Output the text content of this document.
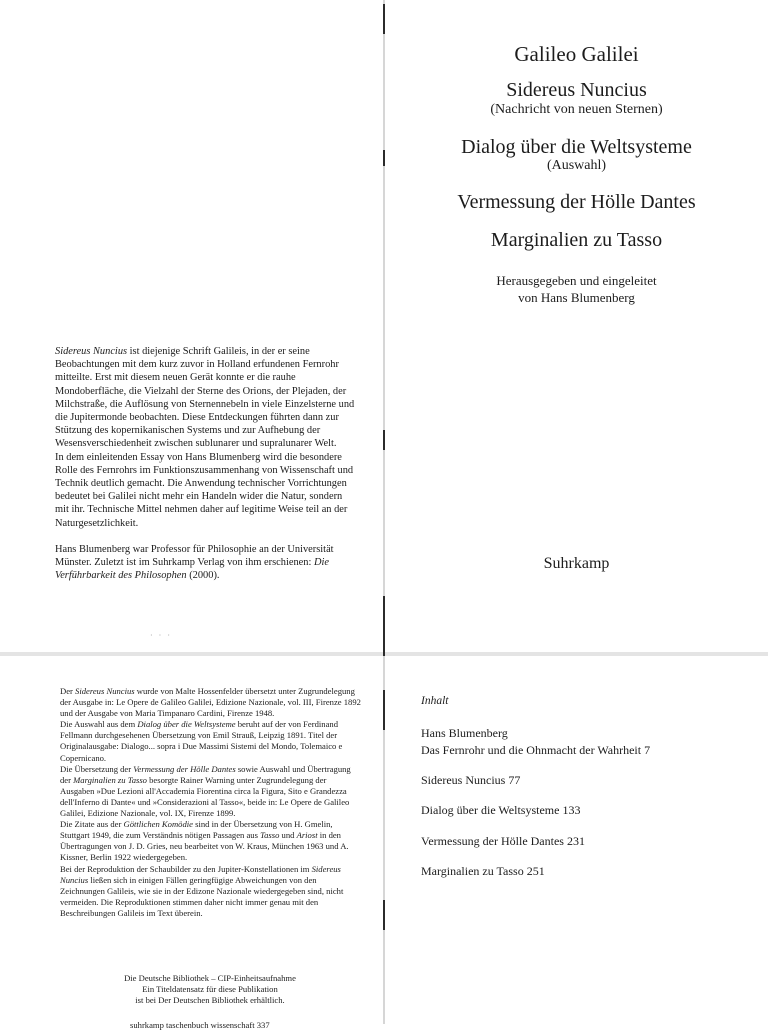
Sidereus Nuncius ist diejenige Schrift Galileis, in der er seine Beobachtungen mit dem kurz zuvor in Holland erfundenen Fernrohr mitteilte. Erst mit diesem neuen Gerät konnte er die rauhe Mondoberfläche, die Vielzahl der Sterne des Orions, der Plejaden, der Milchstraße, die Auflösung von Sternennebeln in viele Einzelsterne und die Jupitermonde beobachten. Diese Entdeckungen führten dann zur Stützung des kopernikanischen Systems und zur Aufhebung der Wesensverschiedenheit zwischen sublunarer und supralunarer Welt.

In dem einleitenden Essay von Hans Blumenberg wird die besondere Rolle des Fernrohrs im Funktionszusammenhang von Wissenschaft und Technik deutlich gemacht. Die Anwendung technischer Vorrichtungen bedeutet bei Galilei nicht mehr ein Handeln wider die Natur, sondern mit ihr. Technische Mittel nehmen daher auf legitime Weise teil an der Naturgesetzlichkeit.

Hans Blumenberg war Professor für Philosophie an der Universität Münster. Zuletzt ist im Suhrkamp Verlag von ihm erschienen: Die Verführbarkeit des Philosophen (2000).

· · ·
Galileo Galilei
Sidereus Nuncius
(Nachricht von neuen Sternen)
Dialog über die Weltsysteme
(Auswahl)
Vermessung der Hölle Dantes
Marginalien zu Tasso
Herausgegeben und eingeleitet
von Hans Blumenberg
Suhrkamp

Der Sidereus Nuncius wurde von Malte Hossenfelder übersetzt unter Zugrundelegung der Ausgabe in: Le Opere de Galileo Galilei, Edizione Nazionale, vol. III, Firenze 1892 und der Ausgabe von Maria Timpanaro Cardini, Firenze 1948.

Die Auswahl aus dem Dialog über die Weltsysteme beruht auf der von Ferdinand Fellmann durchgesehenen Übersetzung von Emil Strauß, Leipzig 1891. Titel der Originalausgabe: Dialogo... sopra i Due Massimi Sistemi del Mondo, Tolemaico e Copernicano.

Die Übersetzung der Vermessung der Hölle Dantes sowie Auswahl und Übertragung der Marginalien zu Tasso besorgte Rainer Warning unter Zugrundelegung der Ausgaben »Due Lezioni all'Accademia Fiorentina circa la Figura, Sito e Grandezza dell'Inferno di Dante« und »Considerazioni al Tasso«, beide in: Le Opere de Galileo Galilei, Edizione Nazionale, vol. IX, Firenze 1899.

Die Zitate aus der Göttlichen Komödie sind in der Übersetzung von H. Gmelin, Stuttgart 1949, die zum Verständnis nötigen Passagen aus Tasso und Ariost in den Übertragungen von J. D. Gries, neu bearbeitet von W. Kraus, München 1963 und A. Kissner, Berlin 1922 wiedergegeben.

Bei der Reproduktion der Schaubilder zu den Jupiter-Konstellationen im Sidereus Nuncius ließen sich in einigen Fällen geringfügige Abweichungen von den Zeichnungen Galileis, wie sie in der Edizone Nazionale wiedergegeben sind, nicht vermeiden. Die Reproduktionen stimmen daher nicht immer genau mit den Beschreibungen Galileis im Text überein.

Die Deutsche Bibliothek – CIP-Einheitsaufnahme

Ein Titeldatensatz für diese Publikation

ist bei Der Deutschen Bibliothek erhältlich.

suhrkamp taschenbuch wissenschaft 337
Inhalt
Hans Blumenberg
Das Fernrohr und die Ohnmacht der Wahrheit 7
Sidereus Nuncius 77
Dialog über die Weltsysteme 133
Vermessung der Hölle Dantes 231
Marginalien zu Tasso 251
